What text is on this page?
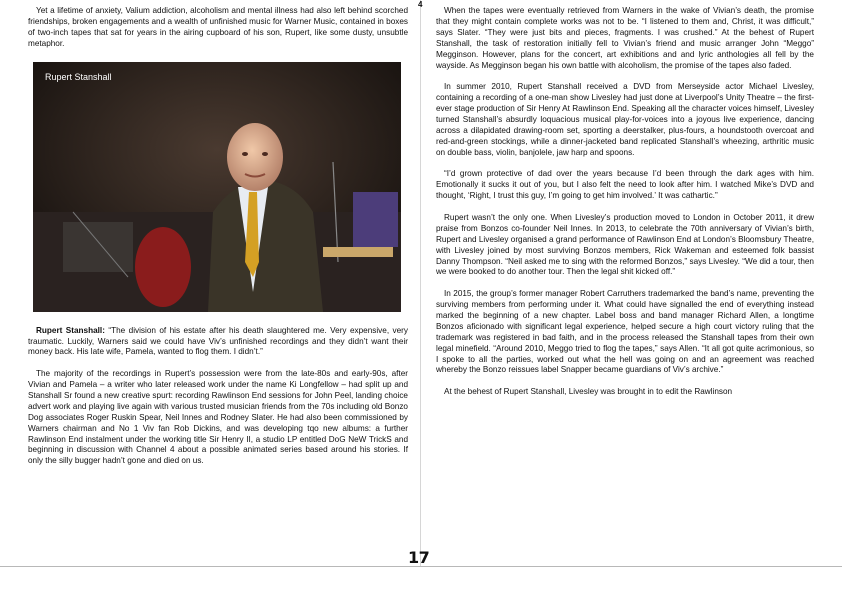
4

Yet a lifetime of anxiety, Valium addiction, alcoholism and mental illness had also left behind scorched friendships, broken engagements and a wealth of unfinished music for Warner Music, contained in boxes of two-inch tapes that sat for years in the airing cupboard of his son, Rupert, like some dusty, unsubtle metaphor.

Rupert Stanshall

Rupert Stanshall: “The division of his estate after his death slaughtered me. Very expensive, very traumatic. Luckily, Warners said we could have Viv’s unfinished recordings and they didn’t want their money back. His late wife, Pamela, wanted to flog them. I didn’t.”

The majority of the recordings in Rupert’s possession were from the late-80s and early-90s, after Vivian and Pamela – a writer who later released work under the name Ki Longfellow – had split up and Stanshall Sr found a new creative spurt: recording Rawlinson End sessions for John Peel, landing choice advert work and playing live again with various trusted musician friends from the 70s including old Bonzo Dog associates Roger Ruskin Spear, Neil Innes and Rodney Slater. He had also been commissioned by Warners chairman and No 1 Viv fan Rob Dickins, and was developing tqo new albums: a further Rawlinson End instalment under the working title Sir Henry II, a studio LP entitled DoG NeW TrickS and beginning in discussion with Channel 4 about a possible animated series based around his stories. If only the silly bugger hadn’t gone and died on us.

When the tapes were eventually retrieved from Warners in the wake of Vivian’s death, the promise that they might contain complete works was not to be. “I listened to them and, Christ, it was difficult,” says Slater. “They were just bits and pieces, fragments. I was crushed.” At the behest of Rupert Stanshall, the task of restoration initially fell to Vivian’s friend and music arranger John “Meggo” Megginson. However, plans for the concert, art exhibitions and and lyric anthologies all fell by the wayside. As Megginson began his own battle with alcoholism, the promise of the tapes also faded.

In summer 2010, Rupert Stanshall received a DVD from Merseyside actor Michael Livesley, containing a recording of a one-man show Livesley had just done at Liverpool’s Unity Theatre – the first-ever stage production of Sir Henry At Rawlinson End. Speaking all the character voices himself, Livesley turned Stanshall’s absurdly loquacious musical play-for-voices into a joyous live experience, dancing across a dilapidated drawing-room set, sporting a deerstalker, plus-fours, a houndstooth overcoat and red-and-green stockings, while a dinner-jacketed band replicated Stanshall’s wheezing, arthritic music on double bass, violin, banjolele, jaw harp and spoons.

“I’d grown protective of dad over the years because I’d been through the dark ages with him. Emotionally it sucks it out of you, but I also felt the need to look after him. I watched Mike’s DVD and thought, ‘Right, I trust this guy, I’m going to get him involved.’ It was cathartic.”

Rupert wasn’t the only one. When Livesley’s production moved to London in October 2011, it drew praise from Bonzos co-founder Neil Innes. In 2013, to celebrate the 70th anniversary of Vivian’s birth, Rupert and Livesley organised a grand performance of Rawlinson End at London’s Bloomsbury Theatre, with Livesley joined by most surviving Bonzos members, Rick Wakeman and esteemed folk bassist Danny Thompson. “Neil asked me to sing with the reformed Bonzos,” says Livesley. “We did a tour, then we were booked to do another tour. Then the legal shit kicked off.”

In 2015, the group’s former manager Robert Carruthers trademarked the band’s name, preventing the surviving members from performing under it. What could have signalled the end of everything instead marked the beginning of a new chapter. Label boss and band manager Richard Allen, a longtime Bonzos aficionado with significant legal experience, helped secure a high court victory ruling that the trademark was registered in bad faith, and in the process released the Stanshall tapes from their own legal minefield. “Around 2010, Meggo tried to flog the tapes,” says Allen. “It all got quite acrimonious, so I spoke to all the parties, worked out what the hell was going on and an agreement was reached whereby the Bonzo reissues label Snapper became guardians of Viv’s archive.”

At the behest of Rupert Stanshall, Livesley was brought in to edit the Rawlinson

17
